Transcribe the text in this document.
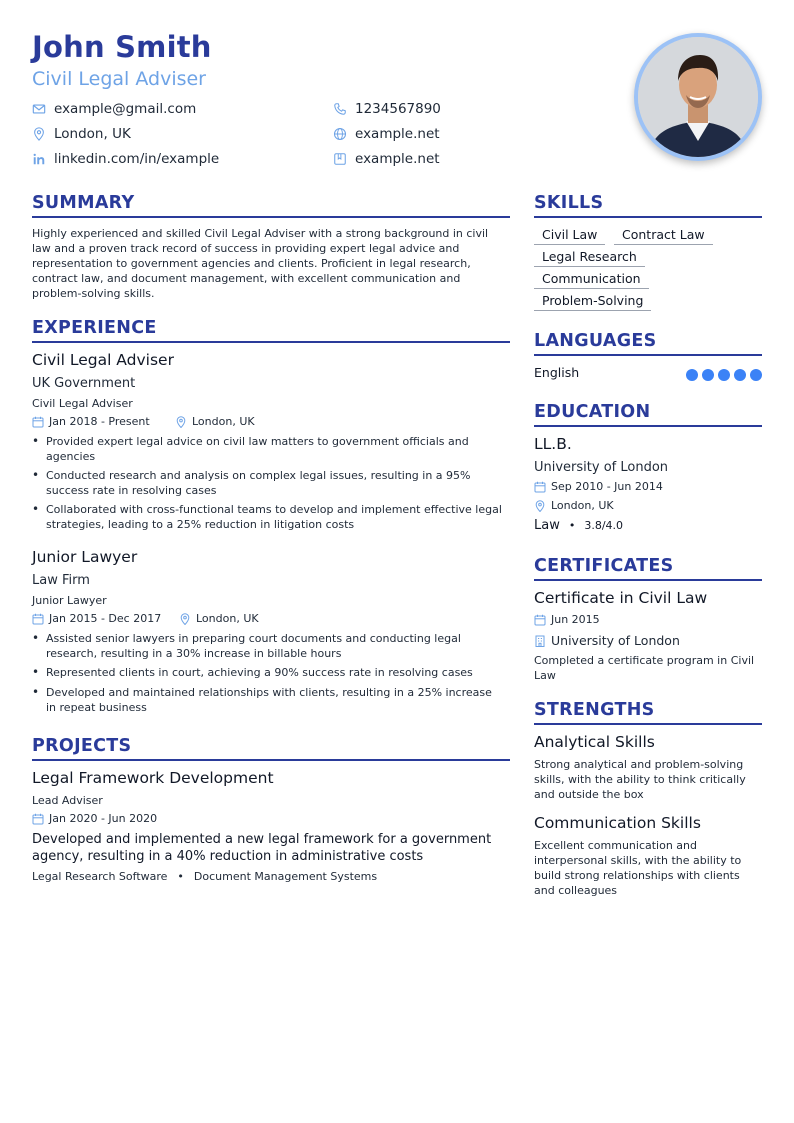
John Smith
Civil Legal Adviser
example@gmail.com	1234567890
London, UK	example.net
linkedin.com/in/example	example.net
SUMMARY
Highly experienced and skilled Civil Legal Adviser with a strong background in civil
law and a proven track record of success in providing expert legal advice and
representation to government agencies and clients. Proficient in legal research,
contract law, and document management, with excellent communication and
problem-solving skills.
EXPERIENCE
Civil Legal Adviser
UK Government
Civil Legal Adviser
Jan 2018 - Present	London, UK
• Provided expert legal advice on civil law matters to government officials and
agencies
• Conducted research and analysis on complex legal issues, resulting in a 95%
success rate in resolving cases
• Collaborated with cross-functional teams to develop and implement effective legal
strategies, leading to a 25% reduction in litigation costs
Junior Lawyer
Law Firm
Junior Lawyer
Jan 2015 - Dec 2017	London, UK
• Assisted senior lawyers in preparing court documents and conducting legal
research, resulting in a 30% increase in billable hours
• Represented clients in court, achieving a 90% success rate in resolving cases
• Developed and maintained relationships with clients, resulting in a 25% increase
in repeat business
PROJECTS
Legal Framework Development
Lead Adviser
Jan 2020 - Jun 2020
Developed and implemented a new legal framework for a government
agency, resulting in a 40% reduction in administrative costs
Legal Research Software • Document Management Systems
SKILLS
Civil Law	Contract Law
Legal Research
Communication
Problem-Solving
LANGUAGES
English
EDUCATION
LL.B.
University of London
Sep 2010 - Jun 2014
London, UK
Law • 3.8/4.0
CERTIFICATES
Certificate in Civil Law
Jun 2015
University of London
Completed a certificate program in Civil
Law
STRENGTHS
Analytical Skills
Strong analytical and problem-solving
skills, with the ability to think critically
and outside the box
Communication Skills
Excellent communication and
interpersonal skills, with the ability to
build strong relationships with clients
and colleagues
